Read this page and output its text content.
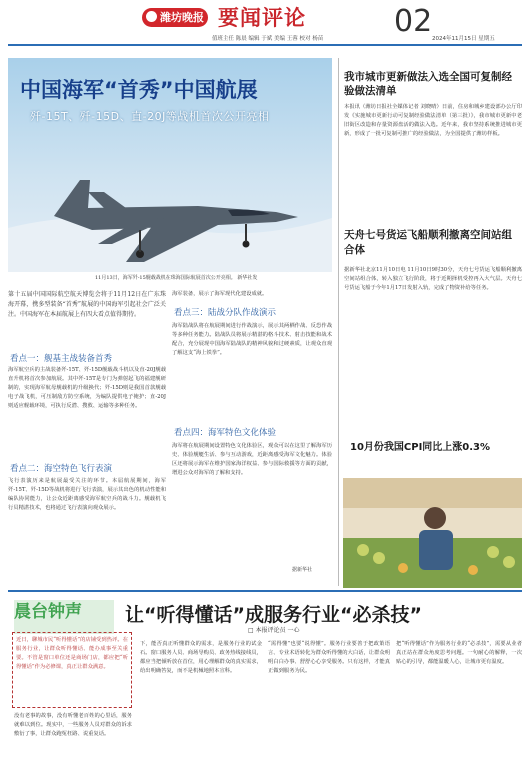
潍坊晚报 要闻评论	02
值班主任 陈晨 编辑 于斌 美编 王蓉 校对 杨苗	2024年11月15日 星期五
中国海军“首秀”中国航展
歼-15T、歼-15D、直-20J等战机首次公开亮相
11月13日，海军歼-15舰载战机在珠海国际航展首次公开亮相。 新华社发
第十五届中国国际航空航天博览会将于11月12日在广东珠海开幕，携多型装备“首秀”航展的中国海军引起社会广泛关注。中国海军在本届航展上有四大看点值得期待。
看点一：舰基主战装备首秀
海军航空兵的主战装备歼-15T、歼-15D舰载战斗机以及直-20J舰载直升机将首次参加航展。其中歼-15T是专门为弹射起飞的福建舰研制的，实现海军航母舰载机的升级换代；歼-15D则是我国首款舰载电子战飞机，可压制敌方防空系统，为编队提供电子掩护；直-20J则适应舰载环境，可执行反潜、搜救、运输等多种任务。
看点二：海空特色飞行表演
飞行表演历来是航展最受关注的环节。本届航展期间，海军歼-15T、歼-15D等战机将进行飞行表演，展示其出色的机动性能和编队协同能力，让公众近距离感受海军航空兵的战斗力。舰载机飞行员精湛技术，也将通过飞行表演向观众展示。
海军装备，展示了海军现代化建设成就。
看点三：陆战分队作战演示
海军陆战队将在航展期间进行作战演示，展示其两栖作战、反恐作战等多种任务能力。陆战队员将展示精湛的格斗技术、射击技能和战术配合，充分展现中国海军陆战队的精神风貌和过硬素质，让观众直观了解这支“海上铁拳”。
看点四：海军特色文化体验
海军将在航展期间设置特色文化体验区，观众可以在这里了解海军历史、体验舰艇生活、参与互动游戏，近距离感受海军文化魅力。体验区还将展示海军在维护国家海洋权益、参与国际救援等方面的贡献，增进公众对海军的了解和支持。
据新华社
我市城市更新做法入选全国可复制经验做法清单
本报讯（潍坊日报社全媒体记者 刘晓晴）日前，住房和城乡建设部办公厅印发《实施城市更新行动可复制经验做法清单（第三批）》，我市城市更新中老旧街区改造和存量资源盘活的做法入选。近年来，我市坚持系统推进城市更新，形成了一批可复制可推广的经验做法，为全国提供了潍坊样板。
天舟七号货运飞船顺利撤离空间站组合体
据新华社北京11月10日电 11月10日9时30分，天舟七号货运飞船顺利撤离空间站组合体，转入独立飞行阶段，将于近期择机受控再入大气层。天舟七号货运飞船于今年1月17日发射入轨，完成了物资补给等任务。
10月份我国CPI同比上涨0.3%
晨台钟声 让“听得懂话”成服务行业“必杀技”
□ 本报评论员 一心
近日，聊城市民“听得懂话”的店铺受到热评。在服务行业，让群众听得懂话、能办成事至关重要。不管是窗口单位还是商场门店，都应把“听得懂话”作为必修课，真正让群众满意。
没有老事的故事，没有听懂老百姓的心里话，服务就难以到位。现实中，一些服务人员对群众的诉求敷衍了事，让群众跑冤枉路、说重复话。
下，能否真正听懂群众的需求，是服务行业的试金石。窗口服务人员、商场导购员、政务热线接线员，都应当把倾听放在首位，用心理解群众的真实需求，给出明确答复，而不是机械地照本宣科。
“需得懂”也要“说得懂”。服务行业要善于把政策语言、专业术语转化为群众听得懂的大白话，让群众明明白白办事、舒舒心心享受服务。只有这样，才能真正做到服务为民。
把“听得懂话”作为服务行业的“必杀技”，需要从业者真正站在群众角度思考问题。一句耐心的解释，一次贴心的引导，都能温暖人心，让城市更有温度。
